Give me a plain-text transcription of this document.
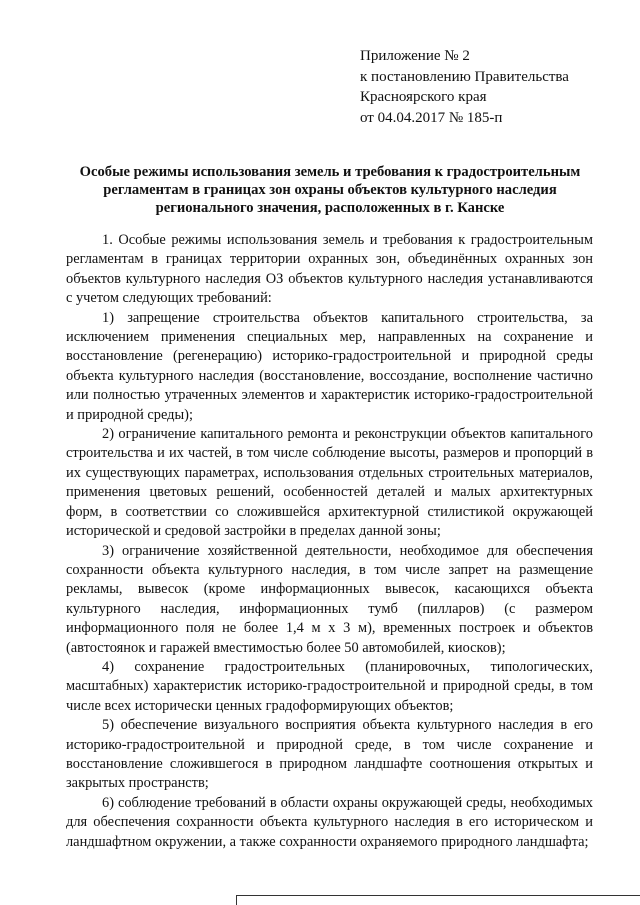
Приложение № 2
к постановлению Правительства
Красноярского края
от 04.04.2017 № 185-п
Особые режимы использования земель и требования к градостроительным
регламентам в границах зон охраны объектов культурного наследия
регионального значения, расположенных в г. Канске

1. Особые режимы использования земель и требования к градостроительным регламентам в границах территории охранных зон, объединённых охранных зон объектов культурного наследия ОЗ объектов культурного наследия устанавливаются с учетом следующих требований:

1) запрещение строительства объектов капитального строительства, за исключением применения специальных мер, направленных на сохранение и восстановление (регенерацию) историко-градостроительной и природной среды объекта культурного наследия (восстановление, воссоздание, восполнение частично или полностью утраченных элементов и характеристик историко-градостроительной и природной среды);

2) ограничение капитального ремонта и реконструкции объектов капитального строительства и их частей, в том числе соблюдение высоты, размеров и пропорций в их существующих параметрах, использования отдельных строительных материалов, применения цветовых решений, особенностей деталей и малых архитектурных форм, в соответствии со сложившейся архитектурной стилистикой окружающей исторической и средовой застройки в пределах данной зоны;

3) ограничение хозяйственной деятельности, необходимое для обеспечения сохранности объекта культурного наследия, в том числе запрет на размещение рекламы, вывесок (кроме информационных вывесок, касающихся объекта культурного наследия, информационных тумб (пилларов) (с размером информационного поля не более 1,4 м х 3 м), временных построек и объектов (автостоянок и гаражей вместимостью более 50 автомобилей, киосков);

4) сохранение градостроительных (планировочных, типологических, масштабных) характеристик историко-градостроительной и природной среды, в том числе всех исторически ценных градоформирующих объектов;

5) обеспечение визуального восприятия объекта культурного наследия в его историко-градостроительной и природной среде, в том числе сохранение и восстановление сложившегося в природном ландшафте соотношения открытых и закрытых пространств;

6) соблюдение требований в области охраны окружающей среды, необходимых для обеспечения сохранности объекта культурного наследия в его историческом и ландшафтном окружении, а также сохранности охраняемого природного ландшафта;
